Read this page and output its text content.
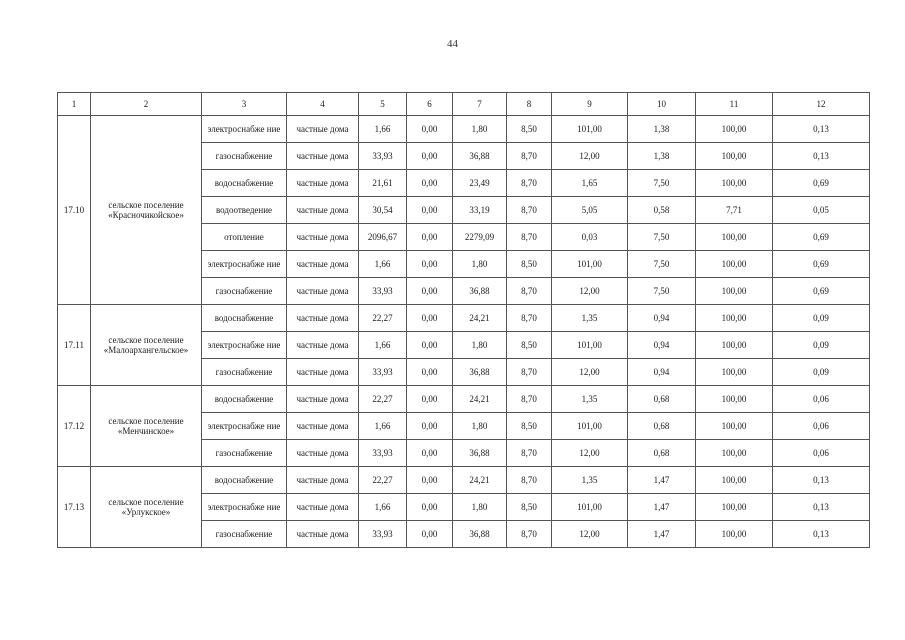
44
1	2	3	4	5	6	7	8	9	10	11	12
17.10	сельское поселение «Красночикойское»	электроснабже ние	частные дома	1,66	0,00	1,80	8,50	101,00	1,38	100,00	0,13
		газоснабжение	частные дома	33,93	0,00	36,88	8,70	12,00	1,38	100,00	0,13
		водоснабжение	частные дома	21,61	0,00	23,49	8,70	1,65	7,50	100,00	0,69
		водоотведение	частные дома	30,54	0,00	33,19	8,70	5,05	0,58	7,71	0,05
		отопление	частные дома	2096,67	0,00	2279,09	8,70	0,03	7,50	100,00	0,69
		электроснабже ние	частные дома	1,66	0,00	1,80	8,50	101,00	7,50	100,00	0,69
		газоснабжение	частные дома	33,93	0,00	36,88	8,70	12,00	7,50	100,00	0,69
17.11	сельское поселение «Малоархангельское»	водоснабжение	частные дома	22,27	0,00	24,21	8,70	1,35	0,94	100,00	0,09
		электроснабже ние	частные дома	1,66	0,00	1,80	8,50	101,00	0,94	100,00	0,09
		газоснабжение	частные дома	33,93	0,00	36,88	8,70	12,00	0,94	100,00	0,09
17.12	сельское поселение «Менчинское»	водоснабжение	частные дома	22,27	0,00	24,21	8,70	1,35	0,68	100,00	0,06
		электроснабже ние	частные дома	1,66	0,00	1,80	8,50	101,00	0,68	100,00	0,06
		газоснабжение	частные дома	33,93	0,00	36,88	8,70	12,00	0,68	100,00	0,06
17.13	сельское поселение «Урлукское»	водоснабжение	частные дома	22,27	0,00	24,21	8,70	1,35	1,47	100,00	0,13
		электроснабже ние	частные дома	1,66	0,00	1,80	8,50	101,00	1,47	100,00	0,13
		газоснабжение	частные дома	33,93	0,00	36,88	8,70	12,00	1,47	100,00	0,13
